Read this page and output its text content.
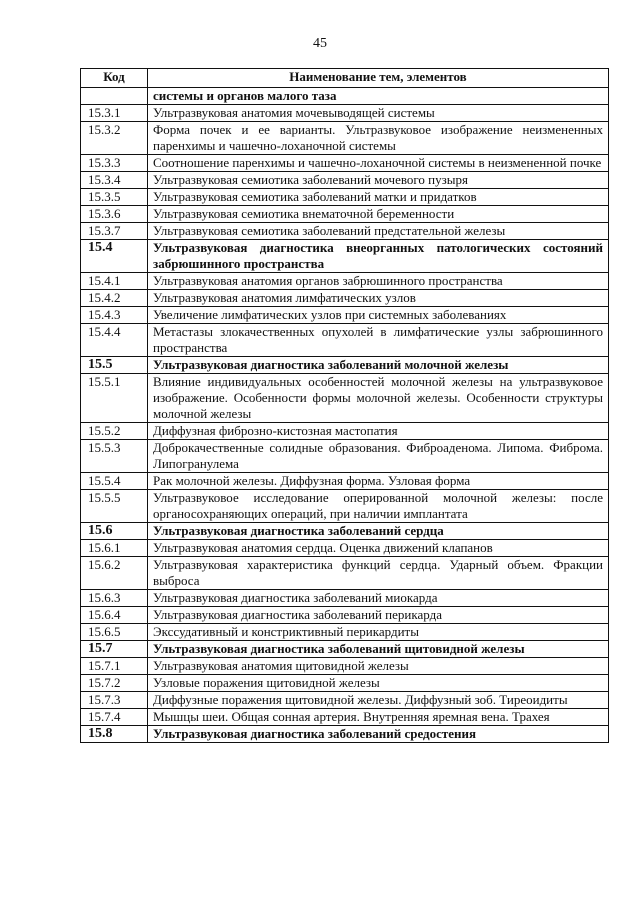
45
Код	Наименование тем, элементов
	системы и органов малого таза
15.3.1	Ультразвуковая анатомия мочевыводящей системы
15.3.2	Форма почек и ее варианты. Ультразвуковое изображение неизмененных паренхимы и чашечно-лоханочной системы
15.3.3	Соотношение паренхимы и чашечно-лоханочной системы в неизмененной почке
15.3.4	Ультразвуковая семиотика заболеваний мочевого пузыря
15.3.5	Ультразвуковая семиотика заболеваний матки и придатков
15.3.6	Ультразвуковая семиотика внематочной беременности
15.3.7	Ультразвуковая семиотика заболеваний предстательной железы
15.4	Ультразвуковая диагностика внеорганных патологических состояний забрюшинного пространства
15.4.1	Ультразвуковая анатомия органов забрюшинного пространства
15.4.2	Ультразвуковая анатомия лимфатических узлов
15.4.3	Увеличение лимфатических узлов при системных заболеваниях
15.4.4	Метастазы злокачественных опухолей в лимфатические узлы забрюшинного пространства
15.5	Ультразвуковая диагностика заболеваний молочной железы
15.5.1	Влияние индивидуальных особенностей молочной железы на ультразвуковое изображение. Особенности формы молочной железы. Особенности структуры молочной железы
15.5.2	Диффузная фиброзно-кистозная мастопатия
15.5.3	Доброкачественные солидные образования. Фиброаденома. Липома. Фиброма. Липогранулема
15.5.4	Рак молочной железы. Диффузная форма. Узловая форма
15.5.5	Ультразвуковое исследование оперированной молочной железы: после органосохраняющих операций, при наличии имплантата
15.6	Ультразвуковая диагностика заболеваний сердца
15.6.1	Ультразвуковая анатомия сердца. Оценка движений клапанов
15.6.2	Ультразвуковая характеристика функций сердца. Ударный объем. Фракции выброса
15.6.3	Ультразвуковая диагностика заболеваний миокарда
15.6.4	Ультразвуковая диагностика заболеваний перикарда
15.6.5	Экссудативный и констриктивный перикардиты
15.7	Ультразвуковая диагностика заболеваний щитовидной железы
15.7.1	Ультразвуковая анатомия щитовидной железы
15.7.2	Узловые поражения щитовидной железы
15.7.3	Диффузные поражения щитовидной железы. Диффузный зоб. Тиреоидиты
15.7.4	Мышцы шеи. Общая сонная артерия. Внутренняя яремная вена. Трахея
15.8	Ультразвуковая диагностика заболеваний средостения
